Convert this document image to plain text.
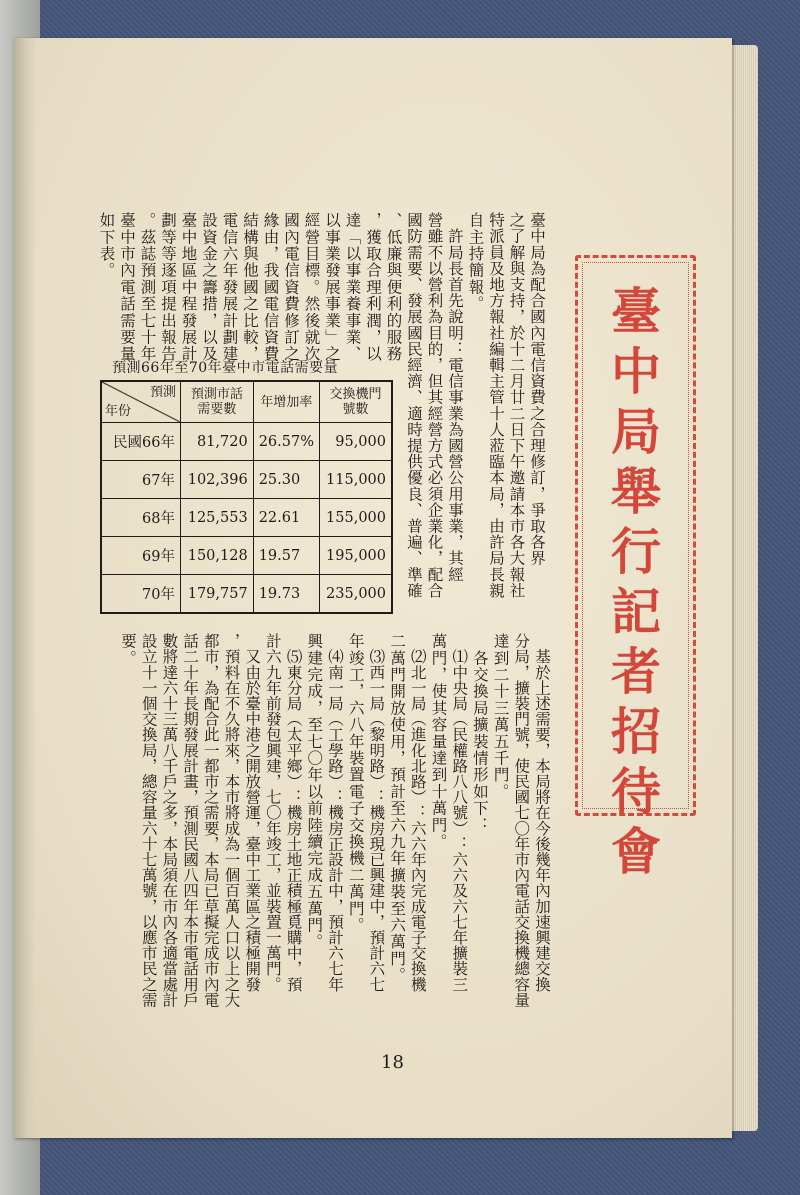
臺中局舉行記者招待會
臺中局為配合國內電信資費之合理修訂，爭取各界
之了解與支持，於十二月廿二日下午邀請本市各大報社
特派員及地方報社編輯主管十人蒞臨本局，由許局長親
自主持簡報。
　許局長首先說明：電信事業為國營公用事業，其經
營雖不以營利為目的，但其經營方式必須企業化，配合
國防需要、發展國民經濟、適時提供優良、普遍、準確
、低廉與便利的服務
，獲取合理利潤，以
達「以事業養事業、
以事業發展事業」之
經營目標。然後就次
國內電信資費修訂之
緣由，我國電信資費
結構與他國之比較，
電信六年發展計劃建
設資金之籌措，以及
臺中地區中程發展計
劃等等逐項提出報告
。茲誌預測至七十年
臺中市內電話需要量
如下表。
　基於上述需要，本局將在今後幾年內加速興建交換
分局，擴裝門號，使民國七〇年市內電話交換機總容量
達到二十三萬五千門。
　各交換局擴裝情形如下：
　⑴中央局（民權路八八號）：六六及六七年擴裝三
萬門，使其容量達到十萬門。
　⑵北一局（進化北路）：六六年內完成電子交換機
二萬門開放使用，預計至六九年擴裝至六萬門。
　⑶西一局（黎明路）：機房現已興建中，預計六七
年竣工，六八年裝置電子交換機二萬門。
　⑷南一局（工學路）：機房正設計中，預計六七年
興建完成，至七〇年以前陸續完成五萬門。
　⑸東分局（太平鄉）：機房土地正積極覓購中，預
計六九年前發包興建，七〇年竣工，並裝置一萬門。
　又由於臺中港之開放營運，臺中工業區之積極開發
，預料在不久將來，本市將成為一個百萬人口以上之大
都市，為配合此一都市之需要，本局已草擬完成市內電
話二十年長期發展計畫，預測民國八四年本市電話用戶
數將達六十三萬八千戶之多，本局須在市內各適當處計
設立十一個交換局，總容量六十七萬號，以應市民之需
要。
預測66年至70年臺中市電話需要量
預測
年份	預測市話需要數	年增加率	交換機門號數
民國66年	81,720	26.57%	95,000
67年	102,396	25.30	115,000
68年	125,553	22.61	155,000
69年	150,128	19.57	195,000
70年	179,757	19.73	235,000
18
